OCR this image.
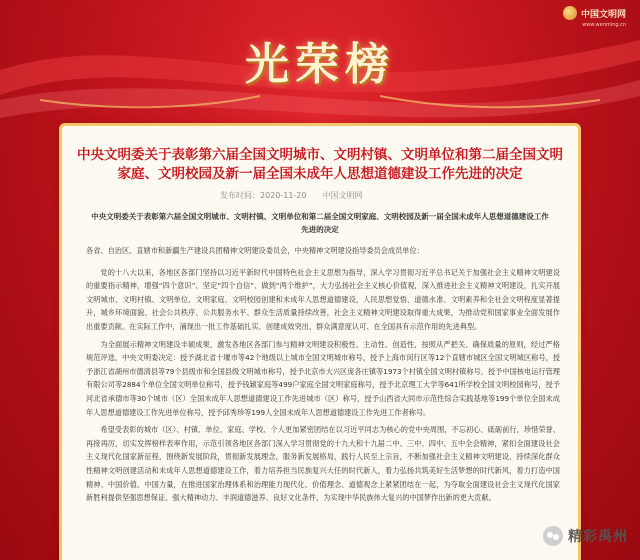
中国文明网
www.wenming.cn
光荣榜
中央文明委关于表彰第六届全国文明城市、文明村镇、文明单位和第二届全国文明家庭、文明校园及新一届全国未成年人思想道德建设工作先进的决定
发布时间：2020-11-20 中国文明网
中央文明委关于表彰第六届全国文明城市、文明村镇、文明单位和第二届全国文明家庭、文明校园及新一届全国未成年人思想道德建设工作先进的决定

各省、自治区、直辖市和新疆生产建设兵团精神文明建设委员会，中央精神文明建设指导委员会成员单位：

党的十八大以来，各地区各部门坚持以习近平新时代中国特色社会主义思想为指导，深入学习贯彻习近平总书记关于加强社会主义精神文明建设的重要指示精神，增强“四个意识”、坚定“四个自信”、做到“两个维护”，大力弘扬社会主义核心价值观，深入推进社会主义精神文明建设，扎实开展文明城市、文明村镇、文明单位、文明家庭、文明校园创建和未成年人思想道德建设，人民思想觉悟、道德水准、文明素养和全社会文明程度显著提升，城乡环境面貌、社会公共秩序、公共服务水平、群众生活质量持续改善，社会主义精神文明建设取得重大成果，为推动党和国家事业全面发展作出重要贡献。在实际工作中，涌现出一批工作基础扎实、创建成效突出、群众满意度认可、在全国具有示范作用的先进典型。

为全面展示精神文明建设丰硕成果，激发各地区各部门参与精神文明建设积极性、主动性、创造性，按照从严把关、确保质量的原则，经过严格规范评选，中央文明委决定：授予湖北省十堰市等42个地级以上城市全国文明城市称号，授予上海市闵行区等12个直辖市城区全国文明城区称号，授予浙江省湖州市德清县等79个县级市和全国县级文明城市称号，授予北京市大兴区庞各庄镇等1973个村镇全国文明村镇称号，授予中国核电运行管理有限公司等2884个单位全国文明单位称号，授予钱颖家庭等499户家庭全国文明家庭称号，授予北京理工大学等641所学校全国文明校园称号，授予河北省承德市等30个城市（区）全国未成年人思想道德建设工作先进城市（区）称号，授予山西省大同市示范性综合实践基地等199个单位全国未成年人思想道德建设工作先进单位称号，授予邱秀珍等199人全国未成年人思想道德建设工作先进工作者称号。

希望受表彰的城市（区）、村镇、单位、家庭、学校、个人更加紧密团结在以习近平同志为核心的党中央周围，不忘初心、砥砺前行，珍惜荣誉、再接再厉，切实发挥榜样表率作用，示范引领各地区各部门深入学习贯彻党的十九大和十九届二中、三中、四中、五中全会精神，紧扣全面建设社会主义现代化国家新征程，围绕新发展阶段，贯彻新发展理念，服务新发展格局，践行人民至上宗旨，不断加强社会主义精神文明建设，持续深化群众性精神文明创建活动和未成年人思想道德建设工作，着力培养担当民族复兴大任的时代新人，着力弘扬共筑美好生活梦想的时代新风，着力打造中国精神、中国价值、中国力量，在推进国家治理体系和治理能力现代化、价值理念、道德观念上紧紧团结在一起，为夺取全面建设社会主义现代化国家新胜利提供坚强思想保证、强大精神动力、丰润道德滋养、良好文化条件，为实现中华民族伟大复兴的中国梦作出新的更大贡献。

精彩禹州
